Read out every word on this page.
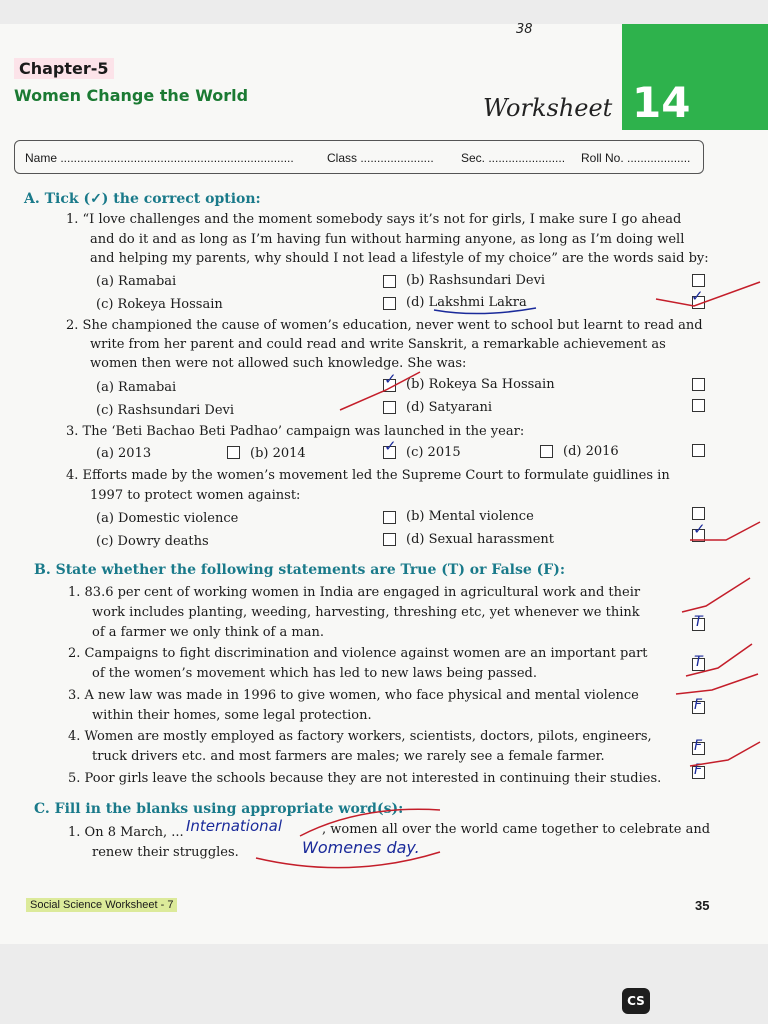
38
14
Worksheet
Chapter-5
Women Change the World
Name ......................................................................	Class ...................... Sec. ....................... Roll No. ...................
A. Tick (✓) the correct option:
1. “I love challenges and the moment somebody says it’s not for girls, I make sure I go ahead
and do it and as long as I’m having fun without harming anyone, as long as I’m doing well
and helping my parents, why should I not lead a lifestyle of my choice” are the words said by:
(a) Ramabai	(b) Rashsundari Devi
(c) Rokeya Hossain	(d) Lakshmi Lakra	✓
2. She championed the cause of women’s education, never went to school but learnt to read and
write from her parent and could read and write Sanskrit, a remarkable achievement as
women then were not allowed such knowledge. She was:
(a) Ramabai	✓ (b) Rokeya Sa Hossain
(c) Rashsundari Devi	(d) Satyarani
3. The ‘Beti Bachao Beti Padhao’ campaign was launched in the year:
(a) 2013	(b) 2014	✓ (c) 2015	(d) 2016
4. Efforts made by the women’s movement led the Supreme Court to formulate guidlines in
1997 to protect women against:
(a) Domestic violence	(b) Mental violence
(c) Dowry deaths	(d) Sexual harassment
✓
B. State whether the following statements are True (T) or False (F):
1. 83.6 per cent of working women in India are engaged in agricultural work and their
work includes planting, weeding, harvesting, threshing etc, yet whenever we think
of a farmer we only think of a man.
T
2. Campaigns to fight discrimination and violence against women are an important part
of the women’s movement which has led to new laws being passed.
T
3. A new law was made in 1996 to give women, who face physical and mental violence
within their homes, some legal protection.
F
4. Women are mostly employed as factory workers, scientists, doctors, pilots, engineers,
truck drivers etc. and most farmers are males; we rarely see a female farmer.
F
5. Poor girls leave the schools because they are not interested in continuing their studies.
F
C. Fill in the blanks using appropriate word(s):
1. On 8 March, ... International	, women all over the world came together to celebrate and
renew their struggles.	Womenes day.
Social Science Worksheet - 7	35
CS
